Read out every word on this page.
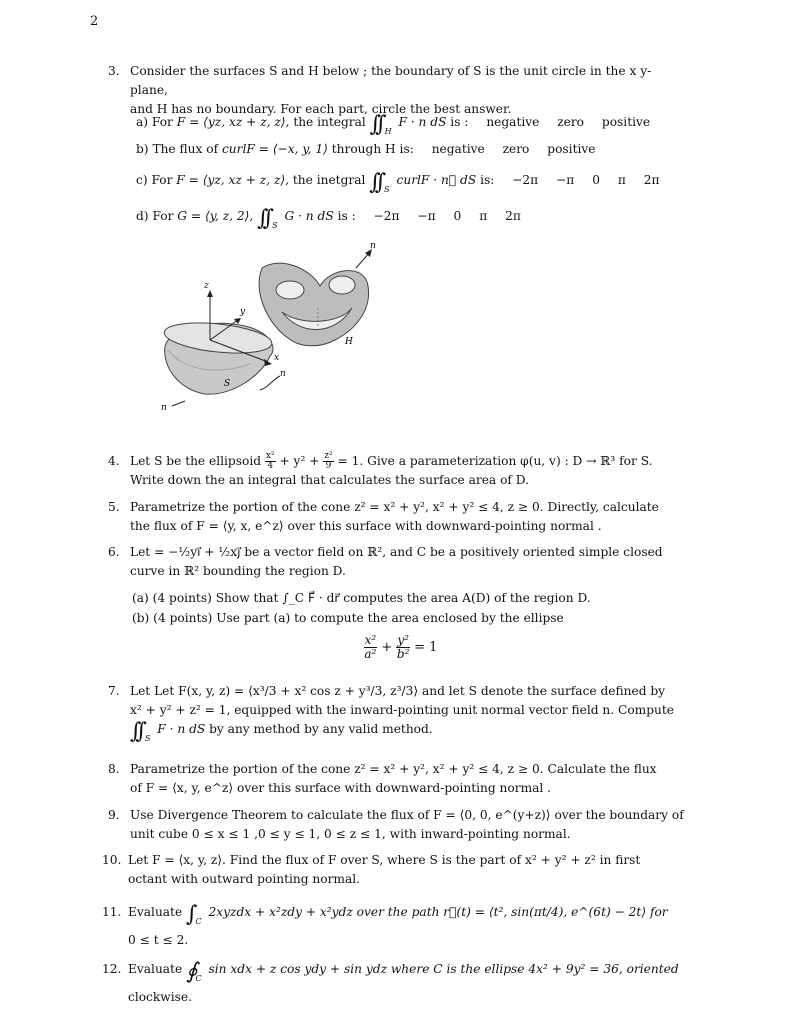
2
3. Consider the surfaces S and H below ; the boundary of S is the unit circle in the x y-plane,
and H has no boundary. For each part, circle the best answer.
a) For F = ⟨yz, xz + z, z⟩, the integral ∫∫ $_H$ F · n dS is : negative zero positive
b) The flux of curlF = ⟨−x, y, 1⟩ through H is: negative zero positive
c) For F = ⟨yz, xz + z, z⟩, the inetgral ∫∫ $_S$ curlF · n⃗ dS is: −2π −π 0 π 2π
d) For G = ⟨y, z, 2⟩, ∫∫ $_S$ G · n dS is : −2π −π 0 π 2π
z
y
x
S
n
n
H
n
4. Let S be the ellipsoid $\frac{\text{x²}}{4} + y^2 + \frac{\text{z²}}{9} = 1$. Give a parameterization φ(u, v) : D → ℝ³ for S.
Write down the an integral that calculates the surface area of D.
5. Parametrize the portion of the cone z² = x² + y², x² + y² ≤ 4, z ≥ 0. Directly, calculate
the flux of F = ⟨y, x, e^z⟩ over this surface with downward-pointing normal .
6. Let = −½yi⃗ + ½xj⃗ be a vector field on ℝ², and C be a positively oriented simple closed
curve in ℝ² bounding the region D.
(a) (4 points) Show that ∫_C F⃗ · dr⃗ computes the area A(D) of the region D.
(b) (4 points) Use part (a) to compute the area enclosed by the ellipse
$\frac{\text{x²}}{\text{a²}} + \frac{\text{y²}}{\text{b²}} = 1$
7. Let Let F(x, y, z) = ⟨x³/3 + x² cos z + y³/3, z³/3⟩ and let S denote the surface defined by
x² + y² + z² = 1, equipped with the inward-pointing unit normal vector field n. Compute
∫∫ $_S$ F · n dS by any method by any valid method.
8. Parametrize the portion of the cone z² = x² + y², x² + y² ≤ 4, z ≥ 0. Calculate the flux
of F = ⟨x, y, e^z⟩ over this surface with downward-pointing normal .
9. Use Divergence Theorem to calculate the flux of F = ⟨0, 0, e^(y+z)⟩ over the boundary of
unit cube 0 ≤ x ≤ 1 ,0 ≤ y ≤ 1, 0 ≤ z ≤ 1, with inward-pointing normal.
10. Let F = ⟨x, y, z⟩. Find the flux of F over S, where S is the part of x² + y² + z² in first
octant with outward pointing normal.
11. Evaluate ∫ $_C$ 2xyzdx + x²zdy + x²ydz over the path r⃗(t) = ⟨t², sin(πt/4), e^(6t) − 2t⟩ for
0 ≤ t ≤ 2.
12. Evaluate ∮ $_C$ sin xdx + z cos ydy + sin ydz where C is the ellipse 4x² + 9y² = 36, oriented
clockwise.
